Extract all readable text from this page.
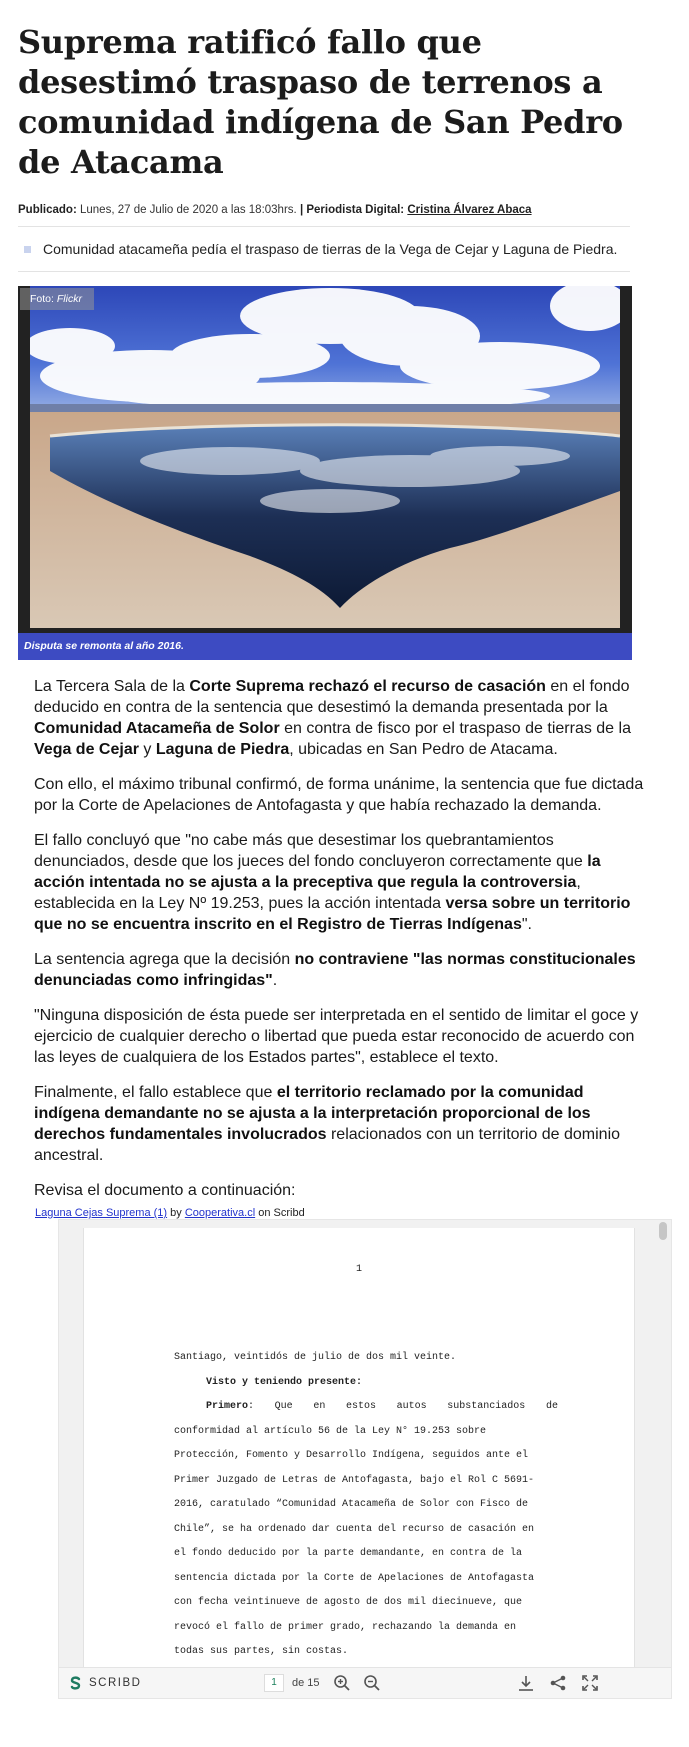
Suprema ratificó fallo que desestimó traspaso de terrenos a comunidad indígena de San Pedro de Atacama
Publicado: Lunes, 27 de Julio de 2020 a las 18:03hrs. | Periodista Digital: Cristina Álvarez Abaca
Comunidad atacameña pedía el traspaso de tierras de la Vega de Cejar y Laguna de Piedra.
Foto: Flickr
Disputa se remonta al año 2016.

La Tercera Sala de la Corte Suprema rechazó el recurso de casación en el fondo deducido en contra de la sentencia que desestimó la demanda presentada por la Comunidad Atacameña de Solor en contra de fisco por el traspaso de tierras de la Vega de Cejar y Laguna de Piedra, ubicadas en San Pedro de Atacama.

Con ello, el máximo tribunal confirmó, de forma unánime, la sentencia que fue dictada por la Corte de Apelaciones de Antofagasta y que había rechazado la demanda.

El fallo concluyó que "no cabe más que desestimar los quebrantamientos denunciados, desde que los jueces del fondo concluyeron correctamente que la acción intentada no se ajusta a la preceptiva que regula la controversia, establecida en la Ley Nº 19.253, pues la acción intentada versa sobre un territorio que no se encuentra inscrito en el Registro de Tierras Indígenas".

La sentencia agrega que la decisión no contraviene "las normas constitucionales denunciadas como infringidas".

"Ninguna disposición de ésta puede ser interpretada en el sentido de limitar el goce y ejercicio de cualquier derecho o libertad que pueda estar reconocido de acuerdo con las leyes de cualquiera de los Estados partes", establece el texto.

Finalmente, el fallo establece que el territorio reclamado por la comunidad indígena demandante no se ajusta a la interpretación proporcional de los derechos fundamentales involucrados relacionados con un territorio de dominio ancestral.

Revisa el documento a continuación:

Laguna Cejas Suprema (1) by Cooperativa.cl on Scribd
1
Santiago, veintidós de julio de dos mil veinte.
Visto y teniendo presente:
Primero: Que en estos autos substanciados de
conformidad al artículo 56 de la Ley N° 19.253 sobre
Protección, Fomento y Desarrollo Indígena, seguidos ante el
Primer Juzgado de Letras de Antofagasta, bajo el Rol C 5691-
2016, caratulado “Comunidad Atacameña de Solor con Fisco de
Chile”, se ha ordenado dar cuenta del recurso de casación en
el fondo deducido por la parte demandante, en contra de la
sentencia dictada por la Corte de Apelaciones de Antofagasta
con fecha veintinueve de agosto de dos mil diecinueve, que
revocó el fallo de primer grado, rechazando la demanda en
todas sus partes, sin costas.
SCRIBD	1	de 15
